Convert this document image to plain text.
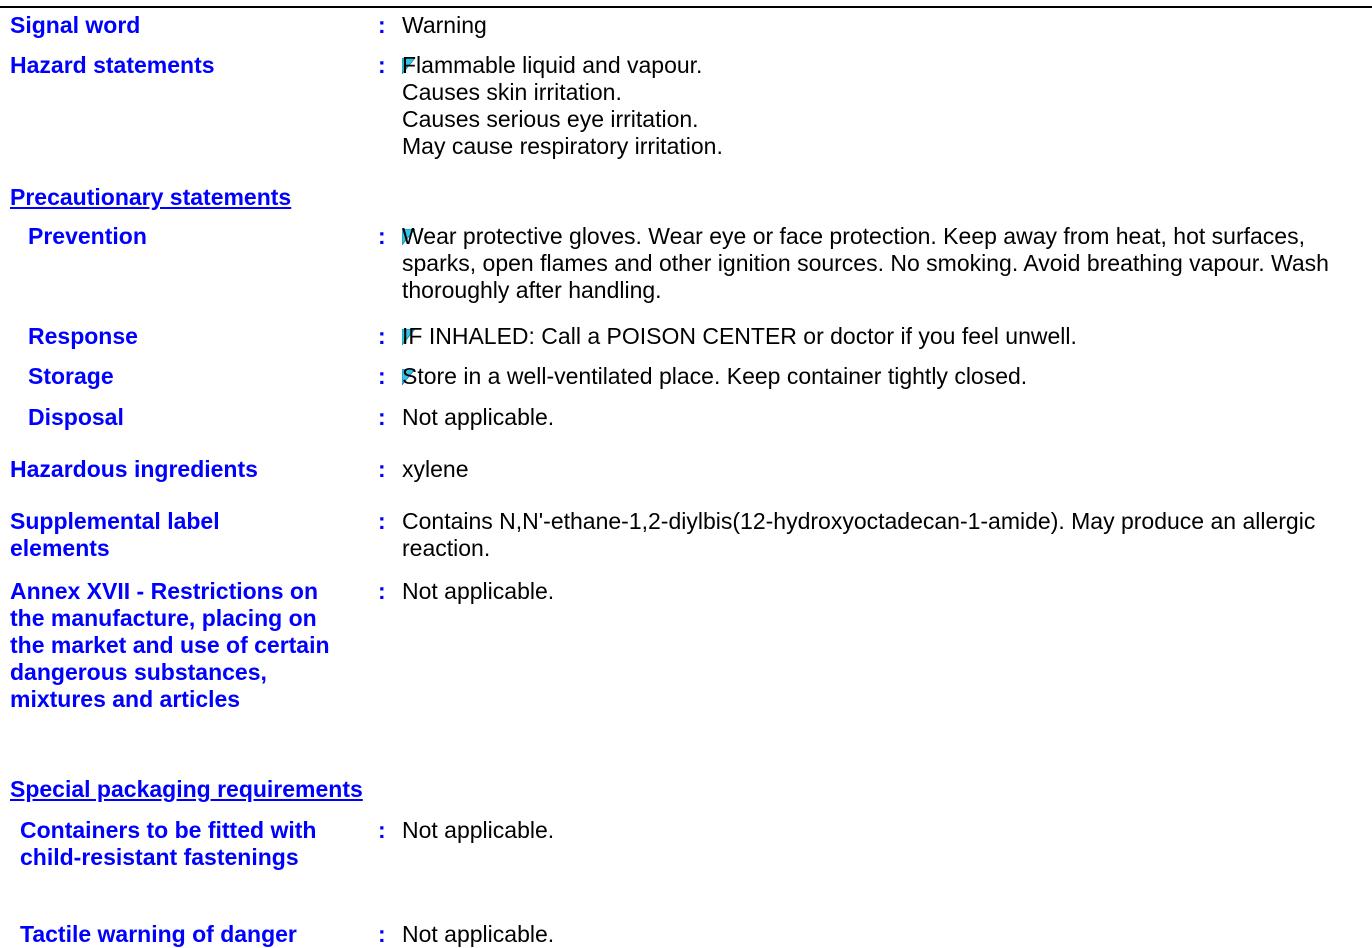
Signal word	: Warning
Hazard statements	: Flammable liquid and vapour.
Causes skin irritation.
Causes serious eye irritation.
May cause respiratory irritation.
Precautionary statements
Prevention	: Wear protective gloves. Wear eye or face protection. Keep away from heat, hot surfaces, sparks, open flames and other ignition sources. No smoking. Avoid breathing vapour. Wash thoroughly after handling.
Response	: IF INHALED: Call a POISON CENTER or doctor if you feel unwell.
Storage	: Store in a well-ventilated place. Keep container tightly closed.
Disposal	: Not applicable.
Hazardous ingredients	: xylene
Supplemental label elements
: Contains N,N'-ethane-1,2-diylbis(12-hydroxyoctadecan-1-amide). May produce an allergic reaction.
Annex XVII - Restrictions on the manufacture, placing on the market and use of certain dangerous substances, mixtures and articles
: Not applicable.
Special packaging requirements
Containers to be fitted with child-resistant fastenings
: Not applicable.
Tactile warning of danger	: Not applicable.
